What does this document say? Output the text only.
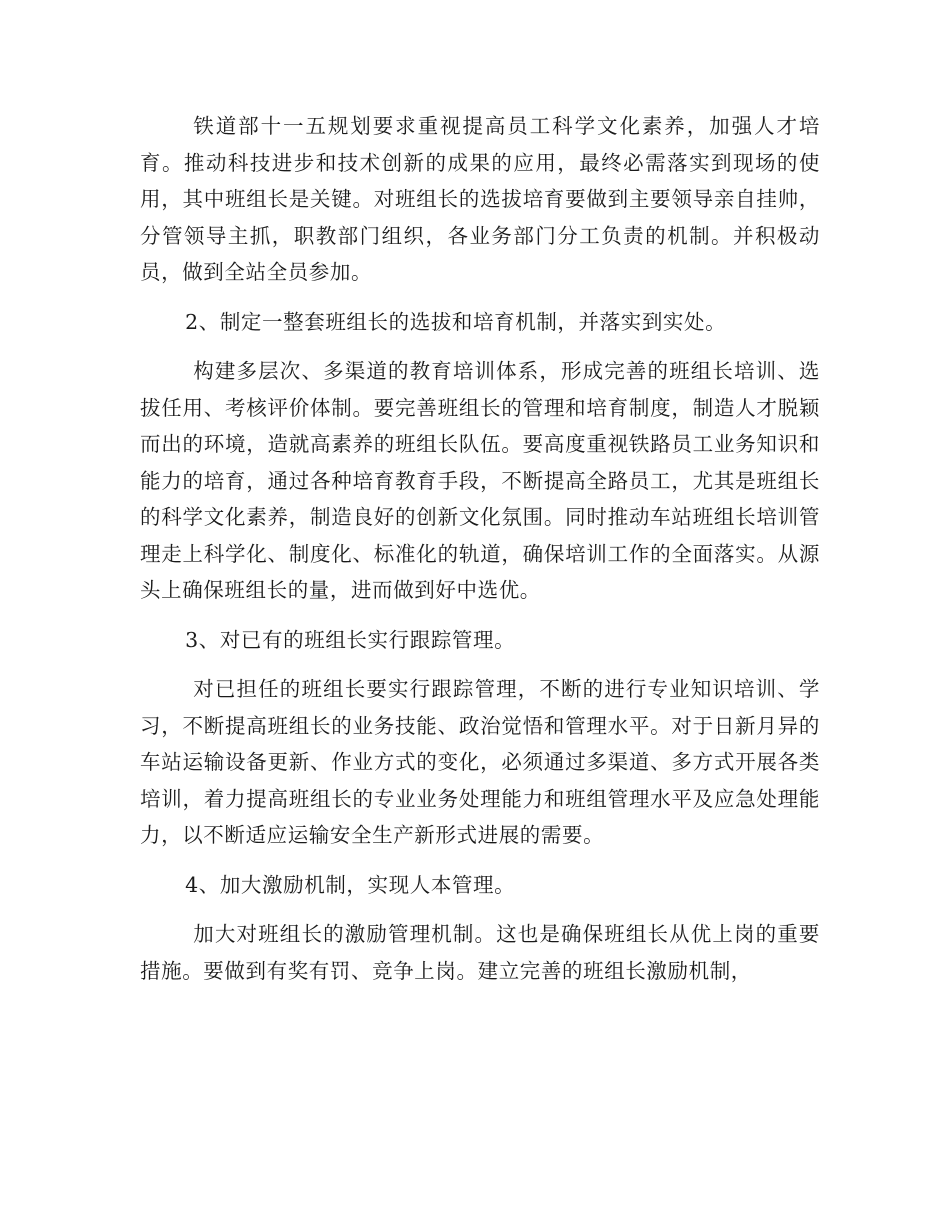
铁道部十一五规划要求重视提高员工科学文化素养，加强人才培育。推动科技进步和技术创新的成果的应用，最终必需落实到现场的使用，其中班组长是关键。对班组长的选拔培育要做到主要领导亲自挂帅，分管领导主抓，职教部门组织，各业务部门分工负责的机制。并积极动员，做到全站全员参加。

2、制定一整套班组长的选拔和培育机制，并落实到实处。

构建多层次、多渠道的教育培训体系，形成完善的班组长培训、选拔任用、考核评价体制。要完善班组长的管理和培育制度，制造人才脱颖而出的环境，造就高素养的班组长队伍。要高度重视铁路员工业务知识和能力的培育，通过各种培育教育手段，不断提高全路员工，尤其是班组长的科学文化素养，制造良好的创新文化氛围。同时推动车站班组长培训管理走上科学化、制度化、标准化的轨道，确保培训工作的全面落实。从源头上确保班组长的量，进而做到好中选优。

3、对已有的班组长实行跟踪管理。

对已担任的班组长要实行跟踪管理，不断的进行专业知识培训、学习，不断提高班组长的业务技能、政治觉悟和管理水平。对于日新月异的车站运输设备更新、作业方式的变化，必须通过多渠道、多方式开展各类培训，着力提高班组长的专业业务处理能力和班组管理水平及应急处理能力，以不断适应运输安全生产新形式进展的需要。

4、加大激励机制，实现人本管理。

加大对班组长的激励管理机制。这也是确保班组长从优上岗的重要措施。要做到有奖有罚、竞争上岗。建立完善的班组长激励机制，
